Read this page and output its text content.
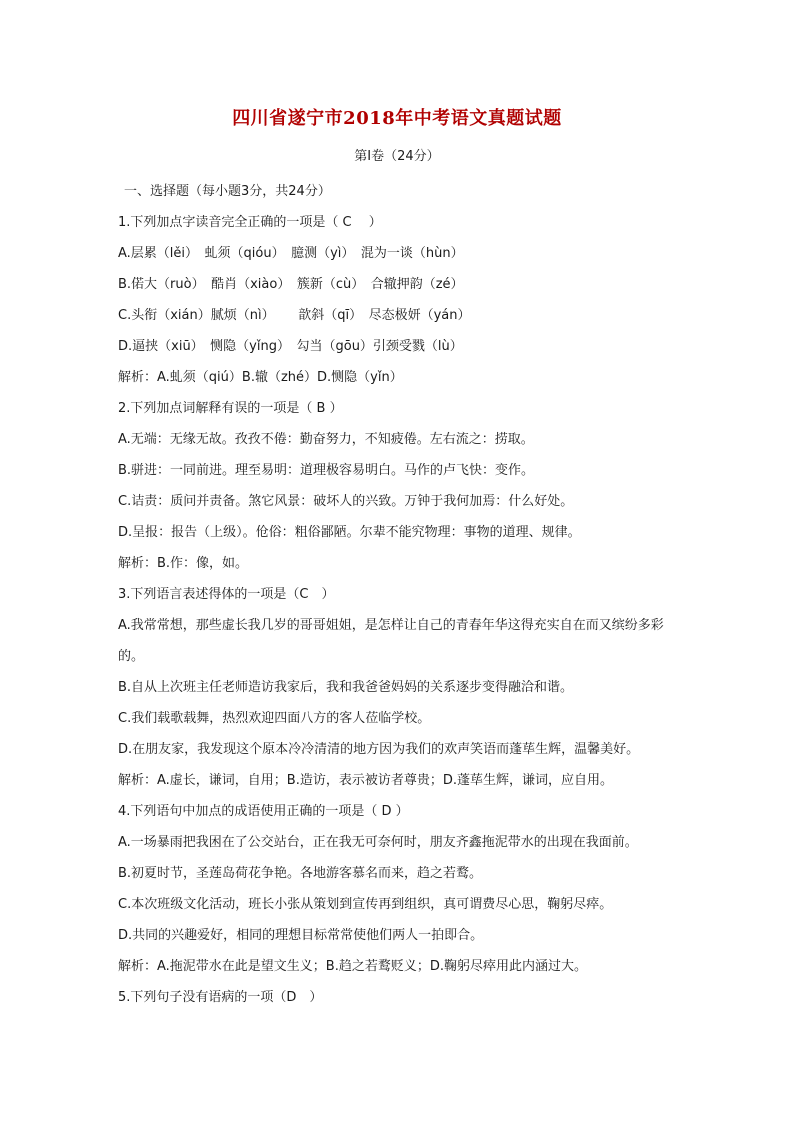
四川省遂宁市2018年中考语文真题试题
第Ⅰ卷（24分）
一、选择题（每小题3分，共24分）
1.下列加点字读音完全正确的一项是（ C　 ）
A.层累（lěi）　虬须（qióu）　臆测（yì）　混为一谈（hùn）
B.偌大（ruò）　酷肖（xiào）　簇新（cù）　合辙押韵（zé）
C.头衔（xián）腻烦（nì）　　 歆斜（qī）　尽态极妍（yán）
D.逼挟（xiū）　恻隐（yǐng）　勾当（gōu）引颈受戮（lù）
解析：A.虬须（qiú）B.辙（zhé）D.恻隐（yǐn）
2.下列加点词解释有误的一项是（ B ）
A.无端：无缘无故。孜孜不倦：勤奋努力，不知疲倦。左右流之：捞取。
B.骈进：一同前进。理至易明：道理极容易明白。马作的卢飞快：变作。
C.诘责：质问并责备。煞它风景：破坏人的兴致。万钟于我何加焉：什么好处。
D.呈报：报告（上级）。伧俗：粗俗鄙陋。尔辈不能究物理：事物的道理、规律。
解析：B.作：像，如。
3.下列语言表述得体的一项是（C　）
A.我常常想，那些虚长我几岁的哥哥姐姐，是怎样让自己的青春年华这得充实自在而又缤纷多彩的。
B.自从上次班主任老师造访我家后，我和我爸爸妈妈的关系逐步变得融洽和谐。
C.我们载歌载舞，热烈欢迎四面八方的客人莅临学校。
D.在朋友家，我发现这个原本冷冷清清的地方因为我们的欢声笑语而蓬荜生辉，温馨美好。
解析：A.虚长，谦词，自用；B.造访，表示被访者尊贵；D.蓬荜生辉，谦词，应自用。
4.下列语句中加点的成语使用正确的一项是（ D ）
A.一场暴雨把我困在了公交站台，正在我无可奈何时，朋友齐鑫拖泥带水的出现在我面前。
B.初夏时节，圣莲岛荷花争艳。各地游客慕名而来，趋之若鹜。
C.本次班级文化活动，班长小张从策划到宣传再到组织，真可谓费尽心思，鞠躬尽瘁。
D.共同的兴趣爱好，相同的理想目标常常使他们两人一拍即合。
解析：A.拖泥带水在此是望文生义；B.趋之若鹜贬义；D.鞠躬尽瘁用此内涵过大。
5.下列句子没有语病的一项（D　）
